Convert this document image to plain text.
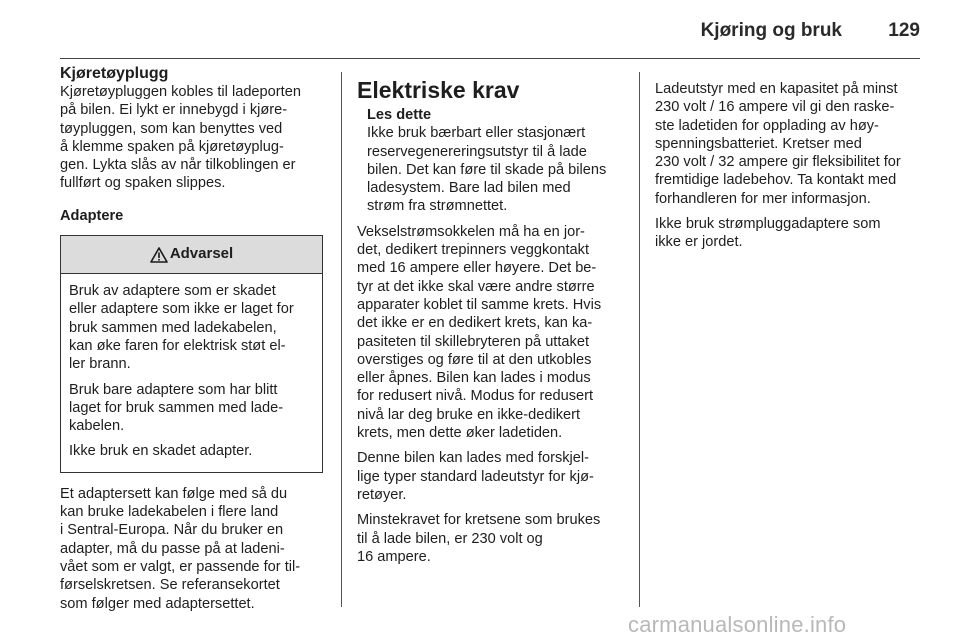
Kjøring og bruk 129
Kjøretøyplugg

Kjøretøypluggen kobles til ladeporten
på bilen. Ei lykt er innebygd i kjøre-
tøypluggen, som kan benyttes ved
å klemme spaken på kjøretøyplug-
gen. Lykta slås av når tilkoblingen er
fullført og spaken slippes.

Adaptere
Advarsel

Bruk av adaptere som er skadet
eller adaptere som ikke er laget for
bruk sammen med ladekabelen,
kan øke faren for elektrisk støt el-
ler brann.

Bruk bare adaptere som har blitt
laget for bruk sammen med lade-
kabelen.

Ikke bruk en skadet adapter.

Et adaptersett kan følge med så du
kan bruke ladekabelen i flere land
i Sentral-Europa. Når du bruker en
adapter, må du passe på at ladeni-
vået som er valgt, er passende for til-
førselskretsen. Se referansekortet
som følger med adaptersettet.

Elektriske krav
Les dette

Ikke bruk bærbart eller stasjonært
reservegenereringsutstyr til å lade
bilen. Det kan føre til skade på bilens
ladesystem. Bare lad bilen med
strøm fra strømnettet.

Vekselstrømsokkelen må ha en jor-
det, dedikert trepinners veggkontakt
med 16 ampere eller høyere. Det be-
tyr at det ikke skal være andre større
apparater koblet til samme krets. Hvis
det ikke er en dedikert krets, kan ka-
pasiteten til skillebryteren på uttaket
overstiges og føre til at den utkobles
eller åpnes. Bilen kan lades i modus
for redusert nivå. Modus for redusert
nivå lar deg bruke en ikke-dedikert
krets, men dette øker ladetiden.

Denne bilen kan lades med forskjel-
lige typer standard ladeutstyr for kjø-
retøyer.

Minstekravet for kretsene som brukes
til å lade bilen, er 230 volt og
16 ampere.

Ladeutstyr med en kapasitet på minst
230 volt / 16 ampere vil gi den raske-
ste ladetiden for opplading av høy-
spenningsbatteriet. Kretser med
230 volt / 32 ampere gir fleksibilitet for
fremtidige ladebehov. Ta kontakt med
forhandleren for mer informasjon.

Ikke bruk strømpluggadaptere som
ikke er jordet.

carmanualsonline.info
